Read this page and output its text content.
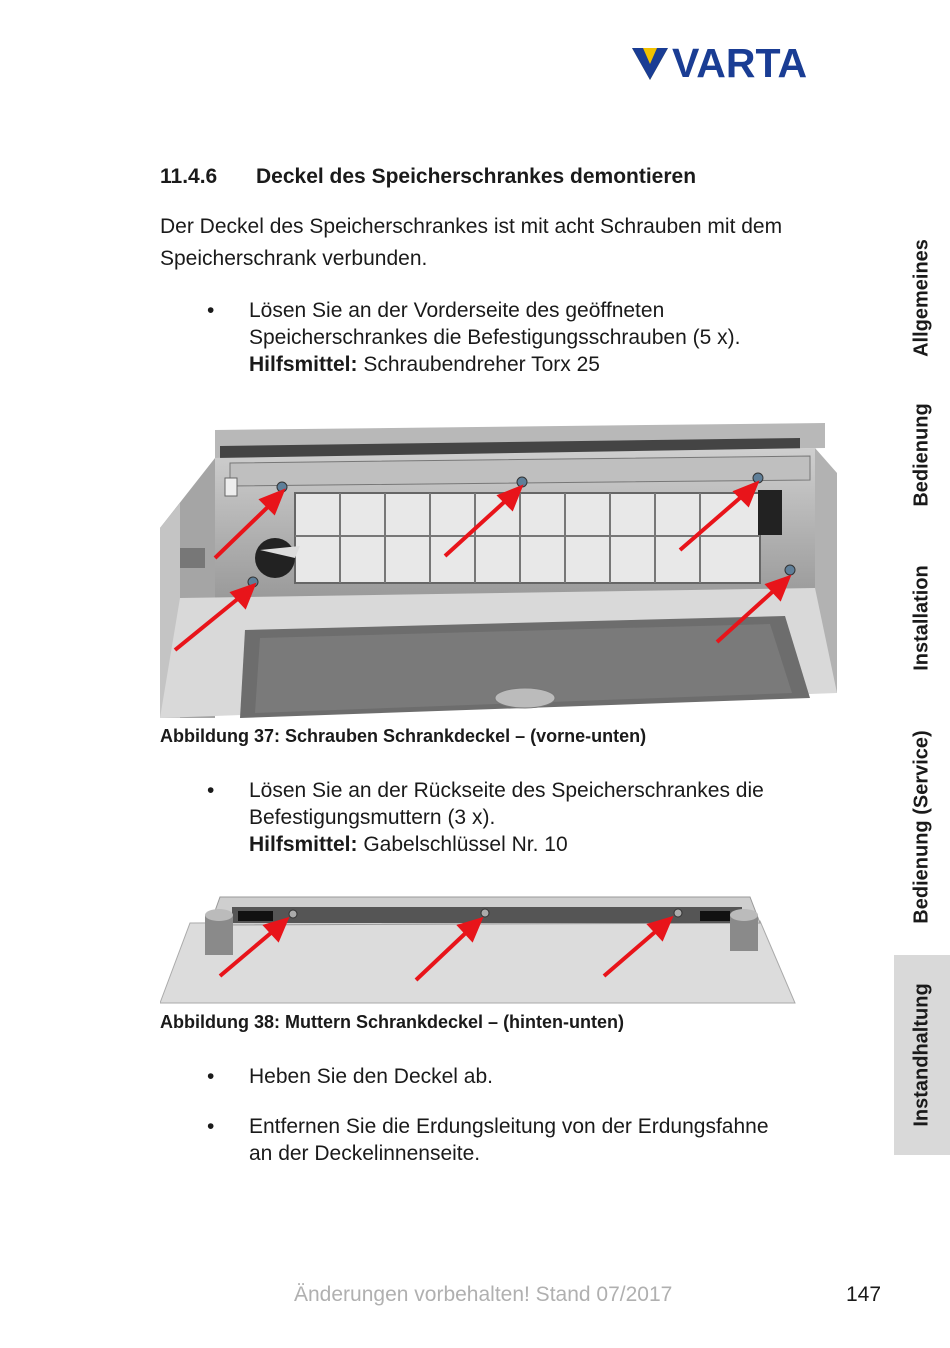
VARTA
11.4.6 Deckel des Speicherschrankes demontieren
Der Deckel des Speicherschrankes ist mit acht Schrauben mit dem Speicherschrank verbunden.
• Lösen Sie an der Vorderseite des geöffneten
Speicherschrankes die Befestigungsschrauben (5 x).
Hilfsmittel: Schraubendreher Torx 25
Abbildung 37: Schrauben Schrankdeckel – (vorne-unten)
• Lösen Sie an der Rückseite des Speicherschrankes die
Befestigungsmuttern (3 x).
Hilfsmittel: Gabelschlüssel Nr. 10
Abbildung 38: Muttern Schrankdeckel – (hinten-unten)
• Heben Sie den Deckel ab.
• Entfernen Sie die Erdungsleitung von der Erdungsfahne
an der Deckelinnenseite.
Allgemeines
Bedienung
Installation
Bedienung (Service)
Instandhaltung
Änderungen vorbehalten! Stand 07/2017	147
